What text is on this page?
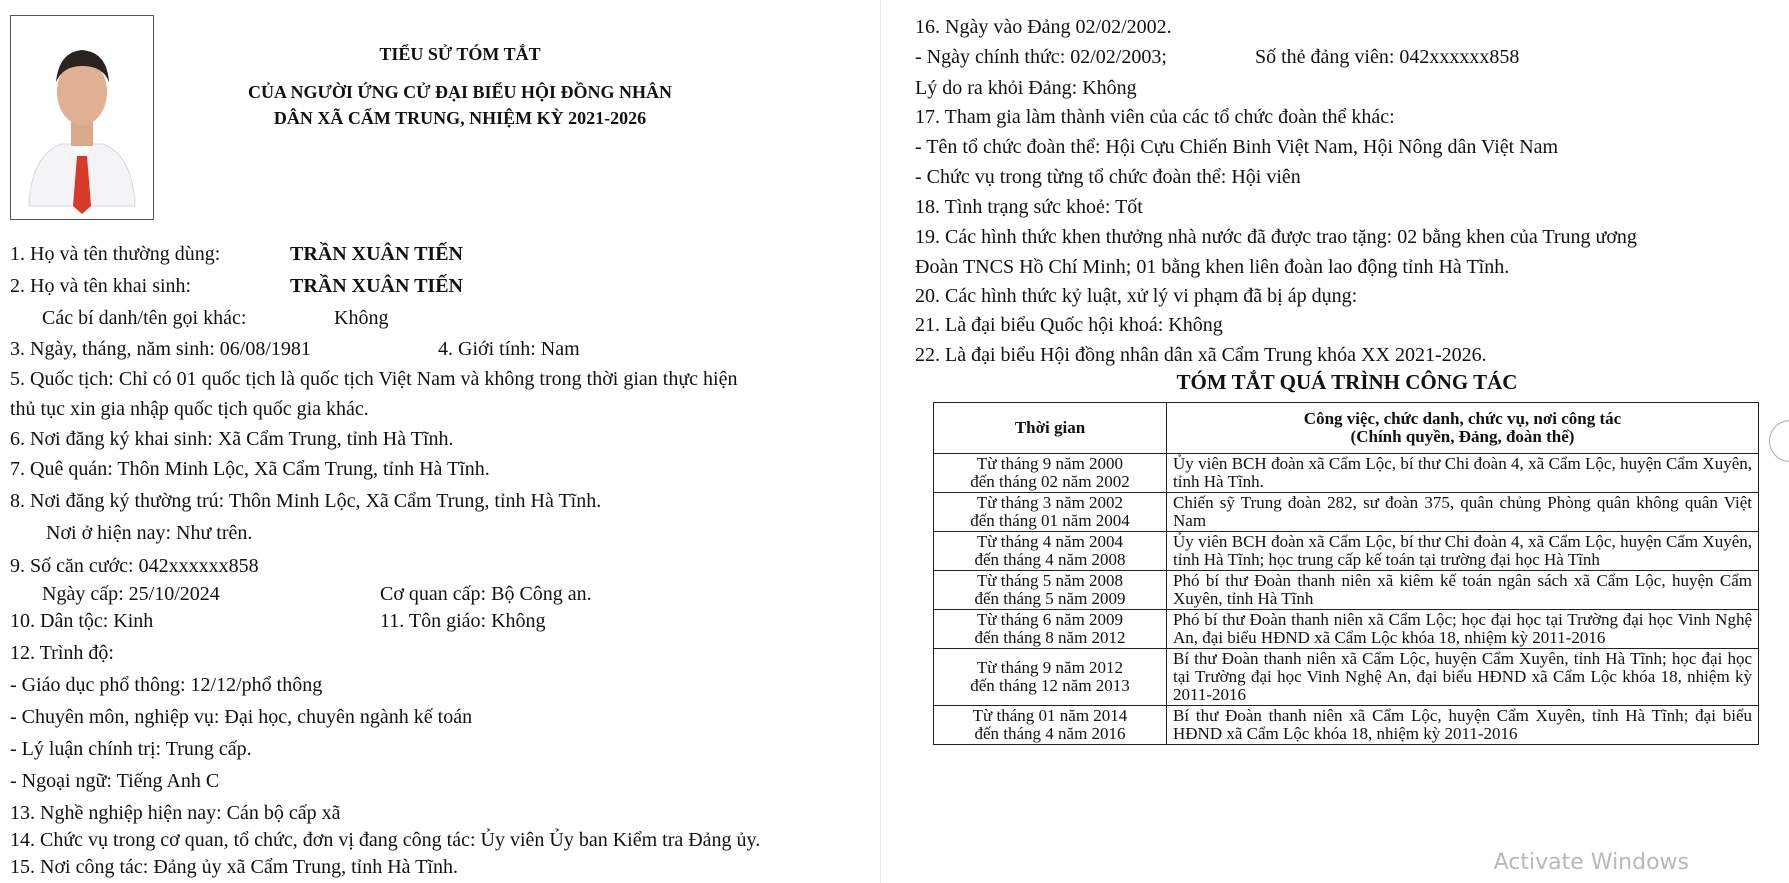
TIỂU SỬ TÓM TẮT
CỦA NGƯỜI ỨNG CỬ ĐẠI BIỂU HỘI ĐỒNG NHÂN
DÂN XÃ CẨM TRUNG, NHIỆM KỲ 2021-2026
1. Họ và tên thường dùng:	TRẦN XUÂN TIẾN
2. Họ và tên khai sinh:	TRẦN XUÂN TIẾN
Các bí danh/tên gọi khác:	Không
3. Ngày, tháng, năm sinh: 06/08/1981	4. Giới tính: Nam
5. Quốc tịch: Chỉ có 01 quốc tịch là quốc tịch Việt Nam và không trong thời gian thực hiện
thủ tục xin gia nhập quốc tịch quốc gia khác.
6. Nơi đăng ký khai sinh: Xã Cẩm Trung, tỉnh Hà Tĩnh.
7. Quê quán: Thôn Minh Lộc, Xã Cẩm Trung, tỉnh Hà Tĩnh.
8. Nơi đăng ký thường trú: Thôn Minh Lộc, Xã Cẩm Trung, tỉnh Hà Tĩnh.
Nơi ở hiện nay: Như trên.
9. Số căn cước: 042xxxxxx858
Ngày cấp: 25/10/2024	Cơ quan cấp: Bộ Công an.
10. Dân tộc: Kinh	11. Tôn giáo: Không
12. Trình độ:
- Giáo dục phổ thông: 12/12/phổ thông
- Chuyên môn, nghiệp vụ: Đại học, chuyên ngành kế toán
- Lý luận chính trị: Trung cấp.
- Ngoại ngữ: Tiếng Anh C
13. Nghề nghiệp hiện nay: Cán bộ cấp xã
14. Chức vụ trong cơ quan, tổ chức, đơn vị đang công tác: Ủy viên Ủy ban Kiểm tra Đảng ủy.
15. Nơi công tác: Đảng ủy xã Cẩm Trung, tỉnh Hà Tĩnh.
16. Ngày vào Đảng 02/02/2002.
- Ngày chính thức: 02/02/2003;	Số thẻ đảng viên: 042xxxxxx858
Lý do ra khỏi Đảng: Không
17. Tham gia làm thành viên của các tổ chức đoàn thể khác:
- Tên tổ chức đoàn thể: Hội Cựu Chiến Binh Việt Nam, Hội Nông dân Việt Nam
- Chức vụ trong từng tổ chức đoàn thể: Hội viên
18. Tình trạng sức khoẻ: Tốt
19. Các hình thức khen thưởng nhà nước đã được trao tặng: 02 bằng khen của Trung ương
Đoàn TNCS Hồ Chí Minh; 01 bằng khen liên đoàn lao động tỉnh Hà Tĩnh.
20. Các hình thức kỷ luật, xử lý vi phạm đã bị áp dụng:
21. Là đại biểu Quốc hội khoá: Không
22. Là đại biểu Hội đồng nhân dân xã Cẩm Trung khóa XX 2021-2026.
TÓM TẮT QUÁ TRÌNH CÔNG TÁC
Thời gian	Công việc, chức danh, chức vụ, nơi công tác
(Chính quyền, Đảng, đoàn thể)

Từ tháng 9 năm 2000
đến tháng 02 năm 2002	Ủy viên BCH đoàn xã Cẩm Lộc, bí thư Chi đoàn 4, xã Cẩm Lộc, huyện Cẩm Xuyên, tỉnh Hà Tĩnh.

Từ tháng 3 năm 2002
đến tháng 01 năm 2004	Chiến sỹ Trung đoàn 282, sư đoàn 375, quân chủng Phòng quân không quân Việt Nam

Từ tháng 4 năm 2004
đến tháng 4 năm 2008	Ủy viên BCH đoàn xã Cẩm Lộc, bí thư Chi đoàn 4, xã Cẩm Lộc, huyện Cẩm Xuyên, tỉnh Hà Tĩnh; học trung cấp kế toán tại trường đại học Hà Tĩnh

Từ tháng 5 năm 2008
đến tháng 5 năm 2009	Phó bí thư Đoàn thanh niên xã kiêm kế toán ngân sách xã Cẩm Lộc, huyện Cẩm Xuyên, tỉnh Hà Tĩnh

Từ tháng 6 năm 2009
đến tháng 8 năm 2012	Phó bí thư Đoàn thanh niên xã Cẩm Lộc; học đại học tại Trường đại học Vinh Nghệ An, đại biểu HĐND xã Cẩm Lộc khóa 18, nhiệm kỳ 2011-2016

Từ tháng 9 năm 2012
đến tháng 12 năm 2013	Bí thư Đoàn thanh niên xã Cẩm Lộc, huyện Cẩm Xuyên, tỉnh Hà Tĩnh; học đại học tại Trường đại học Vinh Nghệ An, đại biểu HĐND xã Cẩm Lộc khóa 18, nhiệm kỳ 2011-2016

Từ tháng 01 năm 2014
đến tháng 4 năm 2016	Bí thư Đoàn thanh niên xã Cẩm Lộc, huyện Cẩm Xuyên, tỉnh Hà Tĩnh; đại biểu HĐND xã Cẩm Lộc khóa 18, nhiệm kỳ 2011-2016
Activate Windows
